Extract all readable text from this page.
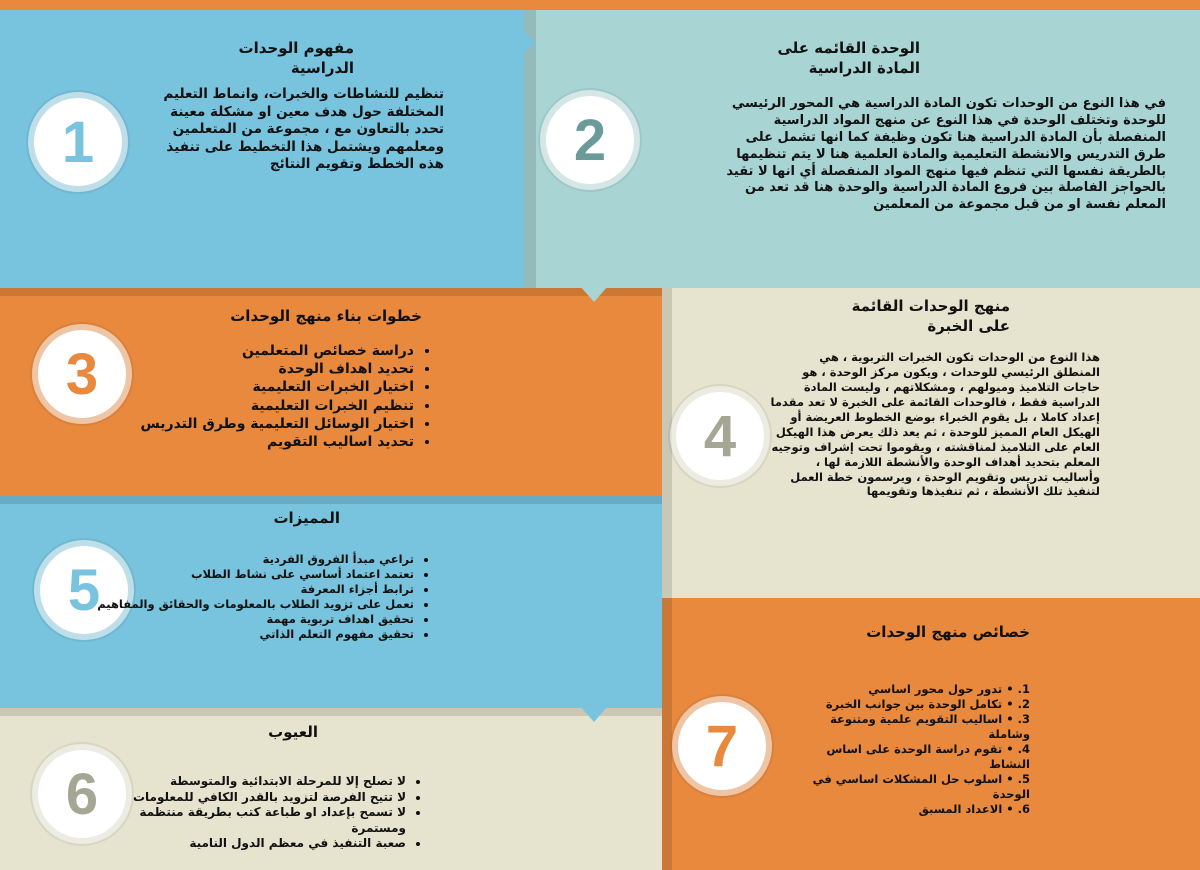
1
مفهوم الوحدات الدراسية

تنظيم للنشاطات والخبرات، وانماط التعليم المختلفة حول هدف معين او مشكلة معينة تحدد بالتعاون مع ، مجموعة من المتعلمين ومعلمهم ويشتمل هذا التخطيط على تنفيذ هذه الخطط وتقويم النتائج	2
الوحدة القائمه على المادة الدراسية

في هذا النوع من الوحدات تكون المادة الدراسية هي المحور الرئيسي للوحدة وتختلف الوحدة في هذا النوع عن منهج المواد الدراسية المنفصلة بأن المادة الدراسية هنا تكون وظيفة كما انها تشمل على طرق التدريس والانشطة التعليمية والمادة العلمية هنا لا يتم تنظيمها بالطريقة نفسها التي تنظم فيها منهج المواد المنفصلة أي انها لا تقيد بالحواجز الفاصلة بين فروع المادة الدراسية والوحدة هنا قد تعد من المعلم نفسة او من قبل مجموعة من المعلمين

3
خطوات بناء منهج الوحدات
• دراسة خصائص المتعلمين
• تحديد اهداف الوحدة
• اختيار الخبرات التعليمية
• تنظيم الخبرات التعليمية
• اختيار الوسائل التعليمية وطرق التدريس
• تحديد اساليب التقويم	4
منهج الوحدات القائمة على الخبرة

هذا النوع من الوحدات تكون الخبرات التربوية ، هي المنطلق الرئيسي للوحدات ، ويكون مركز الوحدة ، هو حاجات التلاميذ وميولهم ، ومشكلاتهم ، وليست المادة الدراسية فقط ، فالوحدات القائمة على الخبرة لا تعد مقدما إعداد كاملا ، بل يقوم الخبراء بوضع الخطوط العريضة أو الهيكل العام المميز للوحدة ، ثم يعد ذلك يعرض هذا الهيكل العام على التلاميذ لمناقشته ، ويقوموا تحت إشراف وتوجيه المعلم بتحديد أهداف الوحدة والأنشطة اللازمة لها ، وأساليب تدريس وتقويم الوحدة ، ويرسمون خطة العمل لتنفيذ تلك الأنشطة ، ثم تنفيذها وتقويمها

5
المميزات
• تراعي مبدأ الفروق الفردية
• تعتمد اعتماد أساسي على نشاط الطلاب
• ترابط أجزاء المعرفة
• تعمل على تزويد الطلاب بالمعلومات والحقائق والمفاهيم
• تحقيق اهداف تربوية مهمة
• تحقيق مفهوم التعلم الذاتي
6
العيوب
• لا تصلح إلا للمرحلة الابتدائية والمتوسطة
• لا تتيح الفرصة لتزويد بالقدر الكافي للمعلومات
• لا تسمح بإعداد او طباعة كتب بطريقة منتظمة ومستمرة
• صعبة التنفيذ في معظم الدول النامية
7
خصائص منهج الوحدات
1. • تدور حول محور اساسي
2. • تكامل الوحدة بين جوانب الخبرة
3. • اساليب التقويم علمية ومتنوعة وشاملة
4. • تقوم دراسة الوحدة على اساس النشاط
5. • اسلوب حل المشكلات اساسي في الوحدة
6. • الاعداد المسبق
